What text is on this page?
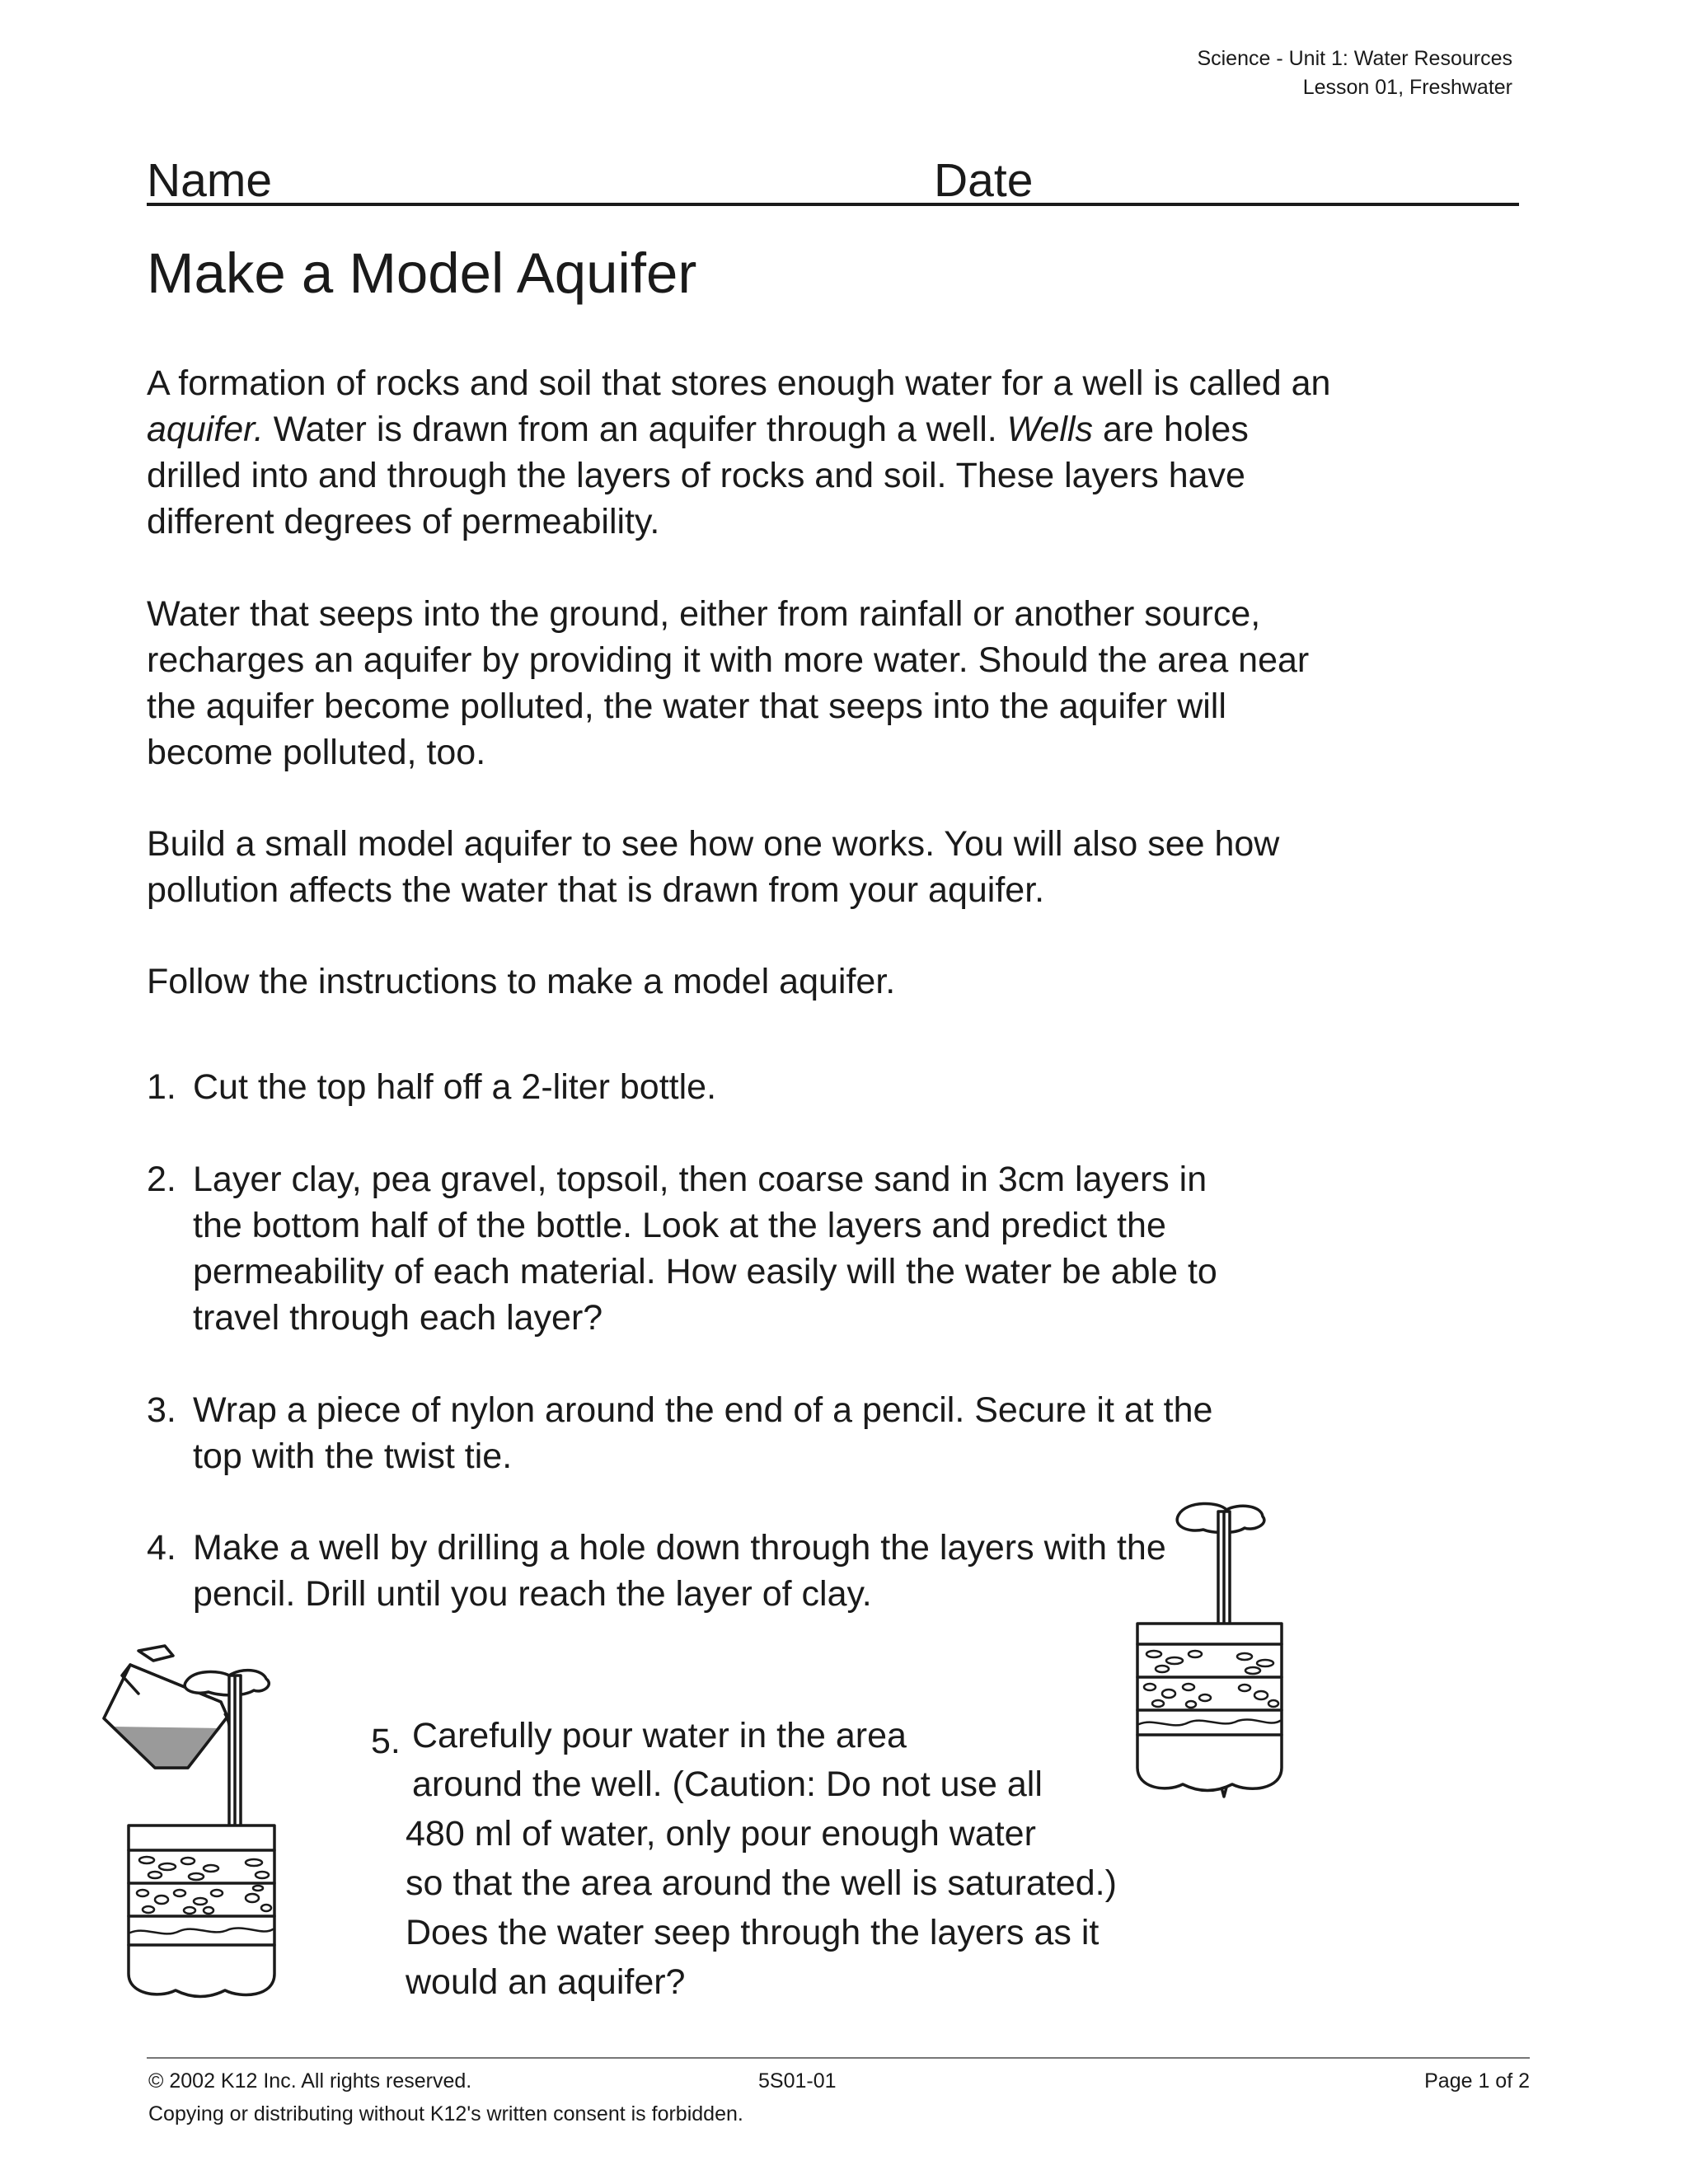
Science - Unit 1: Water Resources
Lesson 01, Freshwater
Name	Date
Make a Model Aquifer

A formation of rocks and soil that stores enough water for a well is called an aquifer. Water is drawn from an aquifer through a well. Wells are holes drilled into and through the layers of rocks and soil. These layers have different degrees of permeability.

Water that seeps into the ground, either from rainfall or another source, recharges an aquifer by providing it with more water. Should the area near the aquifer become polluted, the water that seeps into the aquifer will become polluted, too.

Build a small model aquifer to see how one works. You will also see how pollution affects the water that is drawn from your aquifer.

Follow the instructions to make a model aquifer.

1. Cut the top half off a 2-liter bottle.
2. Layer clay, pea gravel, topsoil, then coarse sand in 3cm layers in the bottom half of the bottle. Look at the layers and predict the permeability of each material. How easily will the water be able to travel through each layer?
3. Wrap a piece of nylon around the end of a pencil. Secure it at the top with the twist tie.
4. Make a well by drilling a hole down through the layers with the pencil. Drill until you reach the layer of clay.
5. Carefully pour water in the area
around the well. (Caution: Do not use all
480 ml of water, only pour enough water
so that the area around the well is saturated.)
Does the water seep through the layers as it
would an aquifer?
© 2002 K12 Inc. All rights reserved.	5S01-01	Page 1 of 2
Copying or distributing without K12's written consent is forbidden.
